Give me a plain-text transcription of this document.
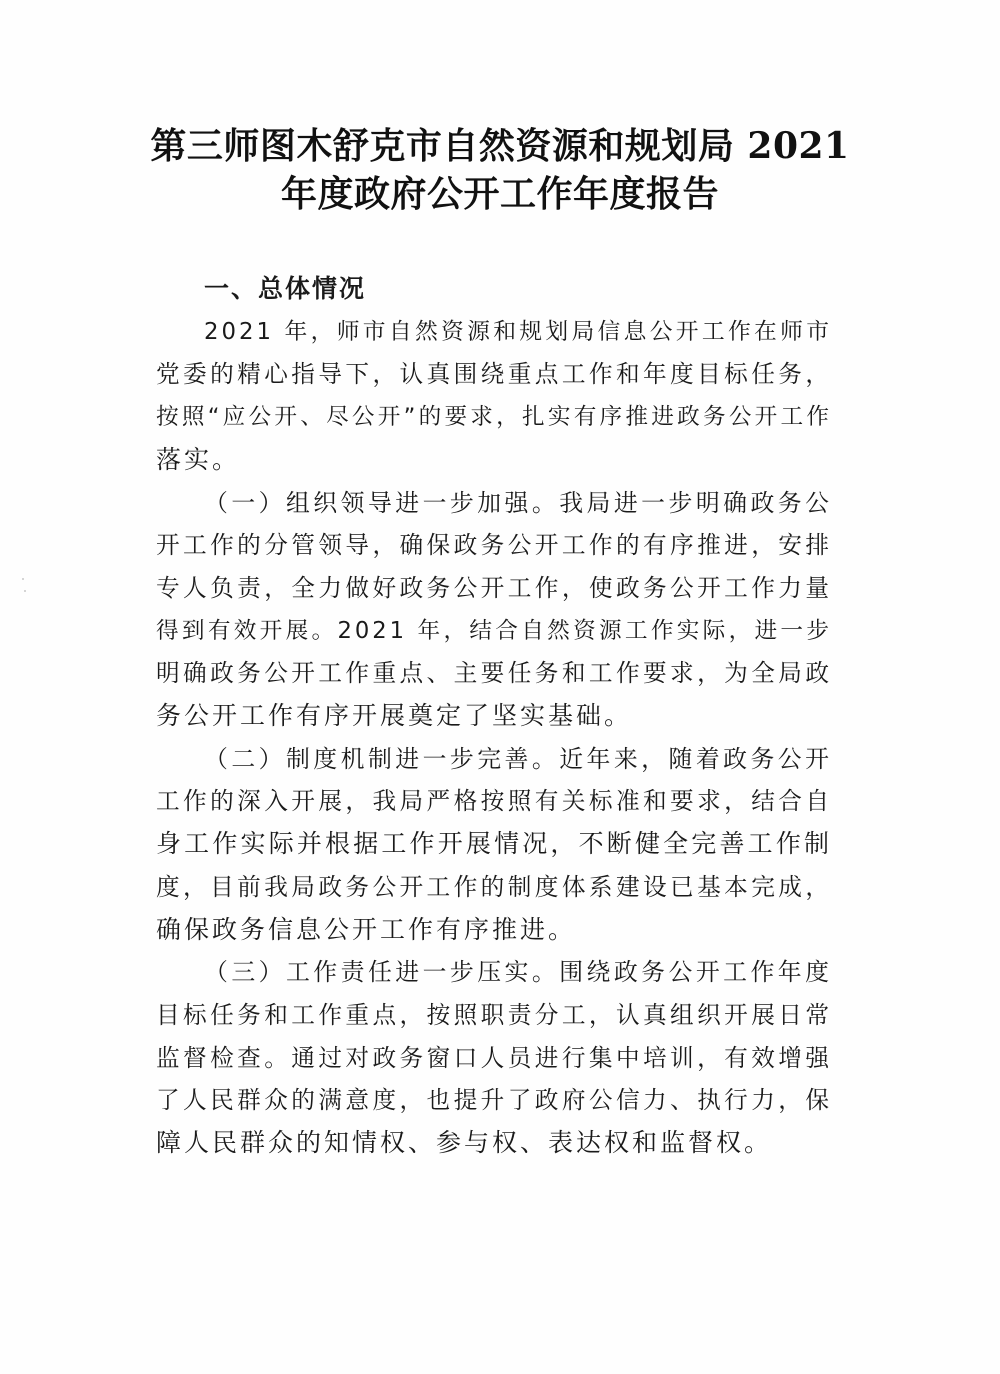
第三师图木舒克市自然资源和规划局 2021
年度政府公开工作年度报告
一、总体情况
2021 年，师市自然资源和规划局信息公开工作在师市
党委的精心指导下，认真围绕重点工作和年度目标任务，
按照“应公开、尽公开”的要求，扎实有序推进政务公开工作
落实。
（一）组织领导进一步加强。我局进一步明确政务公
开工作的分管领导，确保政务公开工作的有序推进，安排
专人负责，全力做好政务公开工作，使政务公开工作力量
得到有效开展。2021 年，结合自然资源工作实际，进一步
明确政务公开工作重点、主要任务和工作要求，为全局政
务公开工作有序开展奠定了坚实基础。
（二）制度机制进一步完善。近年来，随着政务公开
工作的深入开展，我局严格按照有关标准和要求，结合自
身工作实际并根据工作开展情况，不断健全完善工作制
度，目前我局政务公开工作的制度体系建设已基本完成，
确保政务信息公开工作有序推进。
（三）工作责任进一步压实。围绕政务公开工作年度
目标任务和工作重点，按照职责分工，认真组织开展日常
监督检查。通过对政务窗口人员进行集中培训，有效增强
了人民群众的满意度，也提升了政府公信力、执行力，保
障人民群众的知情权、参与权、表达权和监督权。
